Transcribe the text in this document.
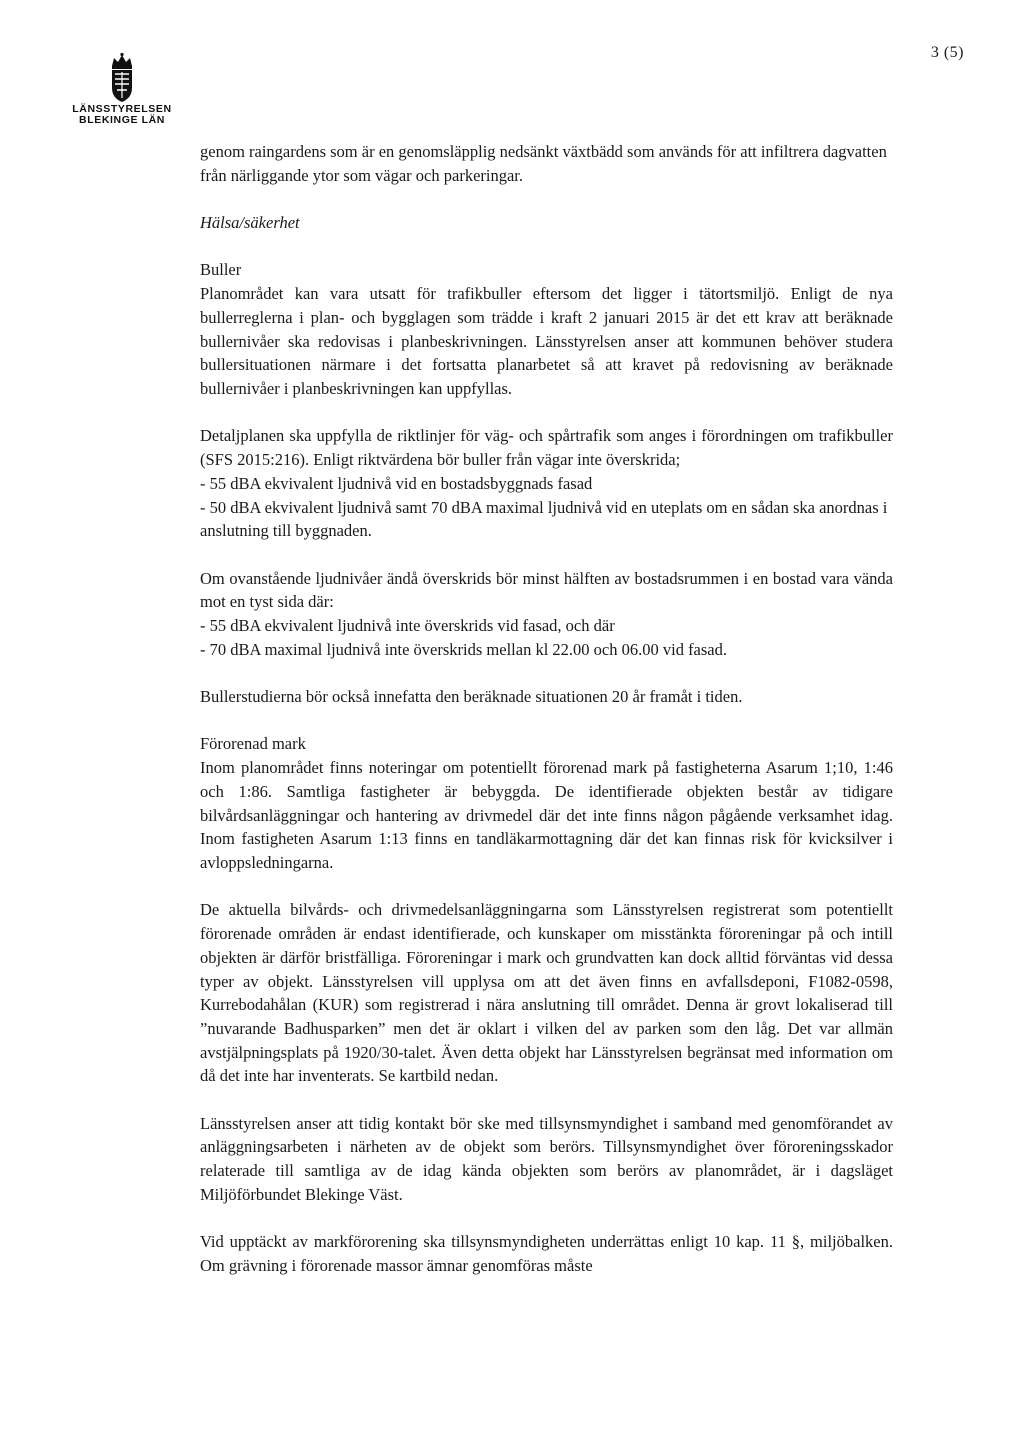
3 (5)
LÄNSSTYRELSEN
BLEKINGE LÄN

genom raingardens som är en genomsläpplig nedsänkt växtbädd som används för att infiltrera dagvatten från närliggande ytor som vägar och parkeringar.

Hälsa/säkerhet

Buller

Planområdet kan vara utsatt för trafikbuller eftersom det ligger i tätortsmiljö. Enligt de nya bullerreglerna i plan- och bygglagen som trädde i kraft 2 januari 2015 är det ett krav att beräknade bullernivåer ska redovisas i planbeskrivningen. Länsstyrelsen anser att kommunen behöver studera bullersituationen närmare i det fortsatta planarbetet så att kravet på redovisning av beräknade bullernivåer i planbeskrivningen kan uppfyllas.

Detaljplanen ska uppfylla de riktlinjer för väg- och spårtrafik som anges i förordningen om trafikbuller (SFS 2015:216). Enligt riktvärdena bör buller från vägar inte överskrida;
- 55 dBA ekvivalent ljudnivå vid en bostadsbyggnads fasad
- 50 dBA ekvivalent ljudnivå samt 70 dBA maximal ljudnivå vid en uteplats om en sådan ska anordnas i anslutning till byggnaden.

Om ovanstående ljudnivåer ändå överskrids bör minst hälften av bostadsrummen i en bostad vara vända mot en tyst sida där:
- 55 dBA ekvivalent ljudnivå inte överskrids vid fasad, och där
- 70 dBA maximal ljudnivå inte överskrids mellan kl 22.00 och 06.00 vid fasad.

Bullerstudierna bör också innefatta den beräknade situationen 20 år framåt i tiden.

Förorenad mark

Inom planområdet finns noteringar om potentiellt förorenad mark på fastigheterna Asarum 1;10, 1:46 och 1:86. Samtliga fastigheter är bebyggda. De identifierade objekten består av tidigare bilvårdsanläggningar och hantering av drivmedel där det inte finns någon pågående verksamhet idag. Inom fastigheten Asarum 1:13 finns en tandläkarmottagning där det kan finnas risk för kvicksilver i avloppsledningarna.

De aktuella bilvårds- och drivmedelsanläggningarna som Länsstyrelsen registrerat som potentiellt förorenade områden är endast identifierade, och kunskaper om misstänkta föroreningar på och intill objekten är därför bristfälliga. Föroreningar i mark och grundvatten kan dock alltid förväntas vid dessa typer av objekt. Länsstyrelsen vill upplysa om att det även finns en avfallsdeponi, F1082-0598, Kurrebodahålan (KUR) som registrerad i nära anslutning till området. Denna är grovt lokaliserad till ”nuvarande Badhusparken” men det är oklart i vilken del av parken som den låg. Det var allmän avstjälpningsplats på 1920/30-talet. Även detta objekt har Länsstyrelsen begränsat med information om då det inte har inventerats. Se kartbild nedan.

Länsstyrelsen anser att tidig kontakt bör ske med tillsynsmyndighet i samband med genomförandet av anläggningsarbeten i närheten av de objekt som berörs. Tillsynsmyndighet över föroreningsskador relaterade till samtliga av de idag kända objekten som berörs av planområdet, är i dagsläget Miljöförbundet Blekinge Väst.

Vid upptäckt av markförorening ska tillsynsmyndigheten underrättas enligt 10 kap. 11 §, miljöbalken. Om grävning i förorenade massor ämnar genomföras måste
